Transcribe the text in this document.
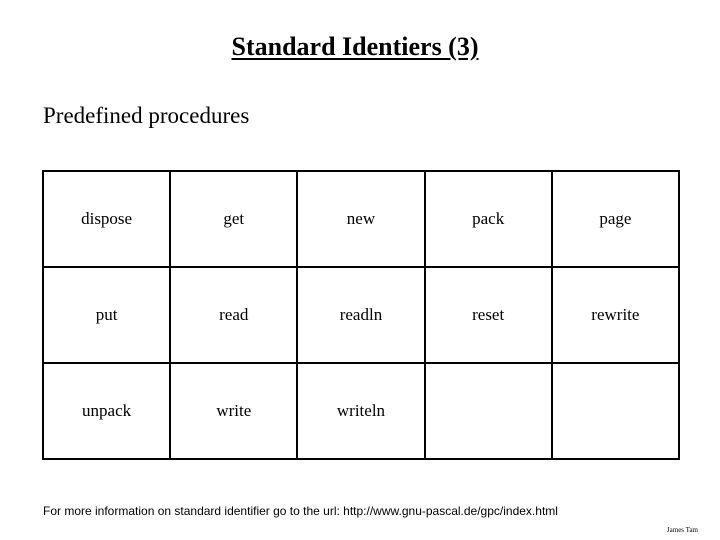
Standard Identiers (3)
Predefined procedures
dispose	get	new	pack	page
put	read	readln	reset	rewrite
unpack	write	writeln		
For more information on standard identifier go to the url: http://www.gnu-pascal.de/gpc/index.html
James Tam
